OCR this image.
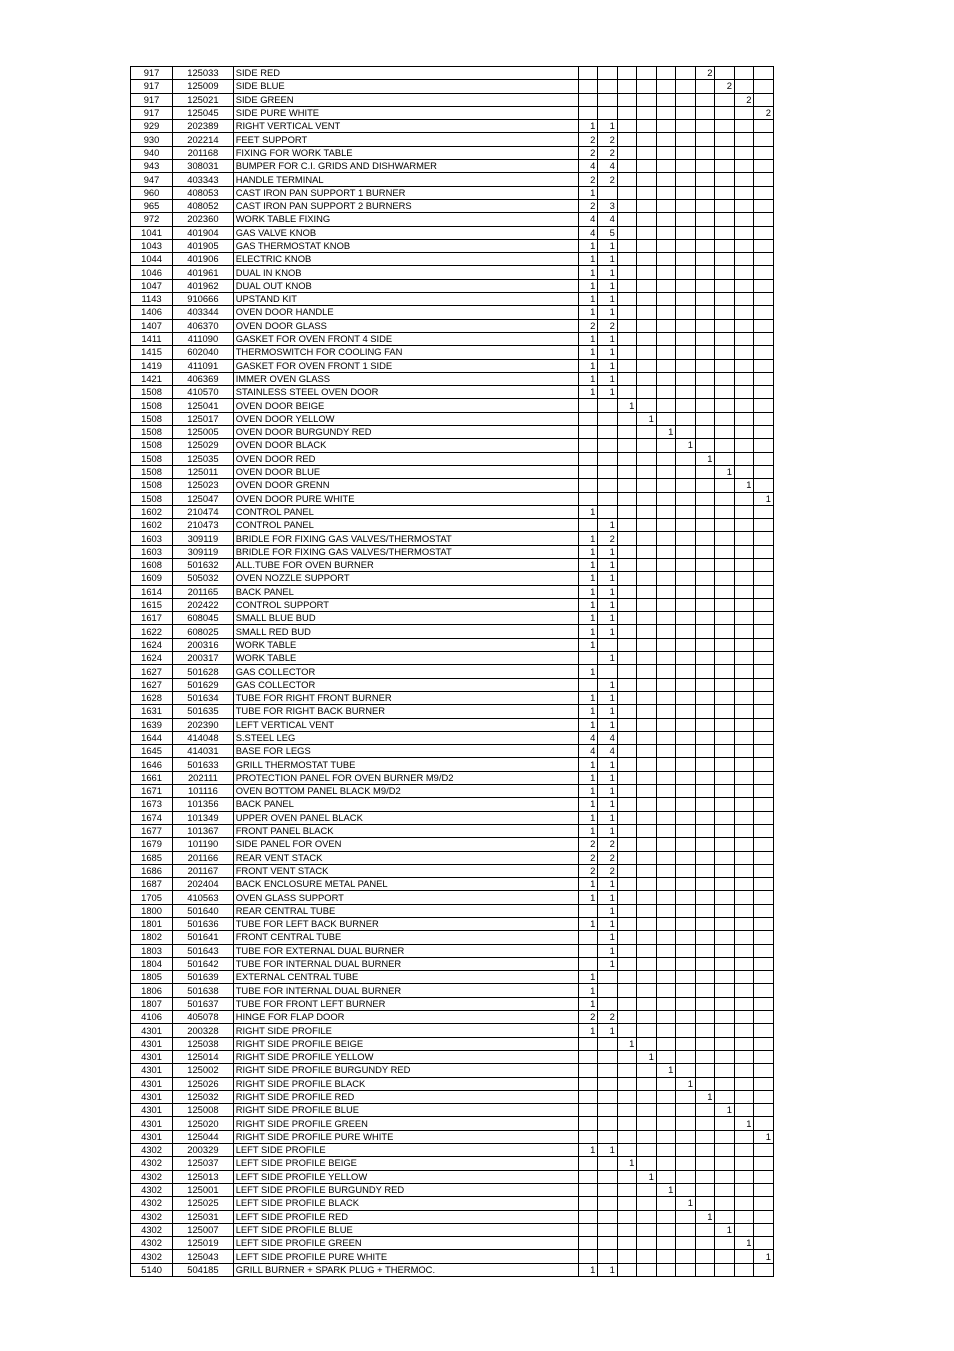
917	125033	SIDE RED							2			
917	125009	SIDE BLUE								2		
917	125021	SIDE GREEN									2	
917	125045	SIDE PURE WHITE										2
929	202389	RIGHT VERTICAL VENT	1	1								
930	202214	FEET SUPPORT	2	2								
940	201168	FIXING FOR WORK TABLE	2	2								
943	308031	BUMPER FOR C.I. GRIDS AND DISHWARMER	4	4								
947	403343	HANDLE TERMINAL	2	2								
960	408053	CAST IRON PAN SUPPORT 1 BURNER	1									
965	408052	CAST IRON PAN SUPPORT 2 BURNERS	2	3								
972	202360	WORK TABLE FIXING	4	4								
1041	401904	GAS VALVE KNOB	4	5								
1043	401905	GAS THERMOSTAT KNOB	1	1								
1044	401906	ELECTRIC KNOB	1	1								
1046	401961	DUAL IN KNOB	1	1								
1047	401962	DUAL OUT KNOB	1	1								
1143	910666	UPSTAND KIT	1	1								
1406	403344	OVEN DOOR HANDLE	1	1								
1407	406370	OVEN DOOR GLASS	2	2								
1411	411090	GASKET FOR OVEN FRONT 4 SIDE	1	1								
1415	602040	THERMOSWITCH FOR COOLING FAN	1	1								
1419	411091	GASKET FOR OVEN FRONT 1 SIDE	1	1								
1421	406369	IMMER OVEN GLASS	1	1								
1508	410570	STAINLESS STEEL OVEN DOOR	1	1								
1508	125041	OVEN DOOR BEIGE			1							
1508	125017	OVEN DOOR YELLOW				1						
1508	125005	OVEN DOOR BURGUNDY RED					1					
1508	125029	OVEN DOOR BLACK						1				
1508	125035	OVEN DOOR RED							1			
1508	125011	OVEN DOOR BLUE								1		
1508	125023	OVEN DOOR GRENN									1	
1508	125047	OVEN DOOR PURE WHITE										1
1602	210474	CONTROL PANEL	1									
1602	210473	CONTROL PANEL		1								
1603	309119	BRIDLE FOR FIXING GAS VALVES/THERMOSTAT	1	2								
1603	309119	BRIDLE FOR FIXING GAS VALVES/THERMOSTAT	1	1								
1608	501632	ALL.TUBE FOR OVEN BURNER	1	1								
1609	505032	OVEN NOZZLE SUPPORT	1	1								
1614	201165	BACK PANEL	1	1								
1615	202422	CONTROL SUPPORT	1	1								
1617	608045	SMALL BLUE BUD	1	1								
1622	608025	SMALL RED BUD	1	1								
1624	200316	WORK TABLE	1									
1624	200317	WORK TABLE		1								
1627	501628	GAS COLLECTOR	1									
1627	501629	GAS COLLECTOR		1								
1628	501634	TUBE FOR RIGHT FRONT BURNER	1	1								
1631	501635	TUBE FOR RIGHT BACK BURNER	1	1								
1639	202390	LEFT VERTICAL VENT	1	1								
1644	414048	S.STEEL LEG	4	4								
1645	414031	BASE FOR LEGS	4	4								
1646	501633	GRILL THERMOSTAT TUBE	1	1								
1661	202111	PROTECTION PANEL FOR OVEN BURNER M9/D2	1	1								
1671	101116	OVEN BOTTOM PANEL BLACK M9/D2	1	1								
1673	101356	BACK PANEL	1	1								
1674	101349	UPPER OVEN PANEL BLACK	1	1								
1677	101367	FRONT PANEL BLACK	1	1								
1679	101190	SIDE PANEL FOR OVEN	2	2								
1685	201166	REAR VENT STACK	2	2								
1686	201167	FRONT VENT STACK	2	2								
1687	202404	BACK ENCLOSURE METAL PANEL	1	1								
1705	410563	OVEN GLASS SUPPORT	1	1								
1800	501640	REAR CENTRAL TUBE		1								
1801	501636	TUBE FOR LEFT BACK BURNER	1	1								
1802	501641	FRONT CENTRAL TUBE		1								
1803	501643	TUBE FOR EXTERNAL DUAL BURNER		1								
1804	501642	TUBE FOR INTERNAL DUAL BURNER		1								
1805	501639	EXTERNAL CENTRAL TUBE	1									
1806	501638	TUBE FOR INTERNAL DUAL BURNER	1									
1807	501637	TUBE FOR FRONT LEFT BURNER	1									
4106	405078	HINGE FOR FLAP DOOR	2	2								
4301	200328	RIGHT SIDE PROFILE	1	1								
4301	125038	RIGHT SIDE PROFILE BEIGE			1							
4301	125014	RIGHT SIDE PROFILE YELLOW				1						
4301	125002	RIGHT SIDE PROFILE BURGUNDY RED					1					
4301	125026	RIGHT SIDE PROFILE BLACK						1				
4301	125032	RIGHT SIDE PROFILE RED							1			
4301	125008	RIGHT SIDE PROFILE BLUE								1		
4301	125020	RIGHT SIDE PROFILE GREEN									1	
4301	125044	RIGHT SIDE PROFILE PURE WHITE										1
4302	200329	LEFT SIDE PROFILE	1	1								
4302	125037	LEFT SIDE PROFILE BEIGE			1							
4302	125013	LEFT SIDE PROFILE YELLOW				1						
4302	125001	LEFT SIDE PROFILE BURGUNDY RED					1					
4302	125025	LEFT SIDE PROFILE BLACK						1				
4302	125031	LEFT SIDE PROFILE RED							1			
4302	125007	LEFT SIDE PROFILE BLUE								1		
4302	125019	LEFT SIDE PROFILE GREEN									1	
4302	125043	LEFT SIDE PROFILE PURE WHITE										1
5140	504185	GRILL BURNER + SPARK PLUG + THERMOC.	1	1								
